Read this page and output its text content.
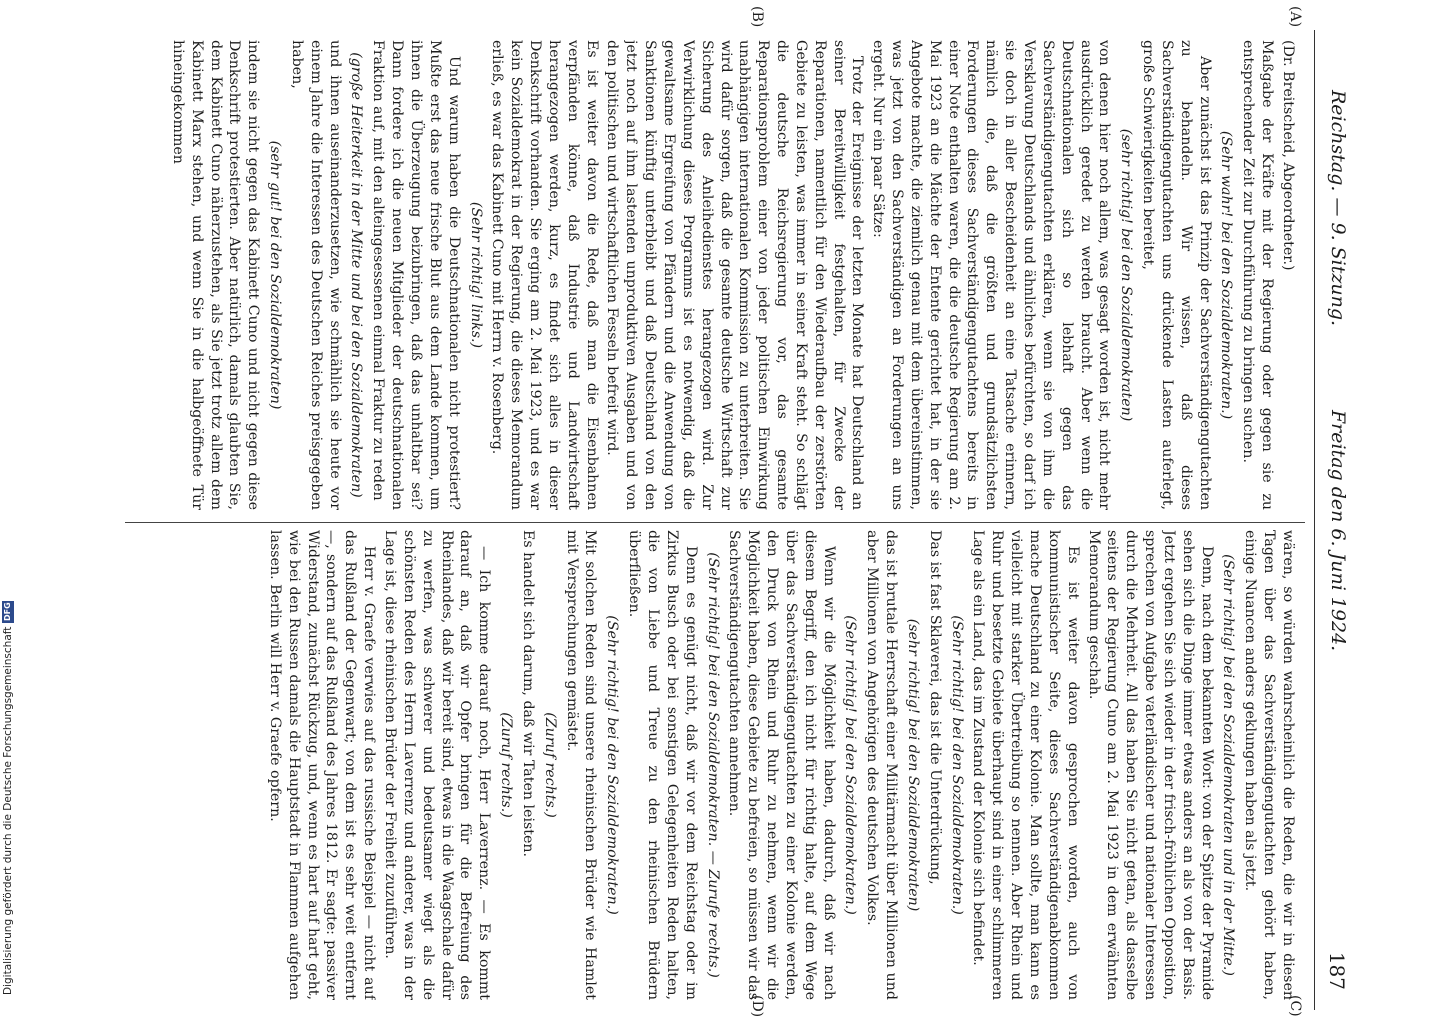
Reichstag. — 9. Sitzung.
Freitag den 6. Juni 1924.
187
(A)
(B)
(C)
(D)

(Dr. Breitscheid, Abgeordneter.)

Maßgabe der Kräfte mit der Regierung oder gegen sie zu entsprechender Zeit zur Durchführung zu bringen suchen.

(Sehr wahr! bei den Sozialdemokraten.)

Aber zunächst ist das Prinzip der Sachverständigengutachten zu behandeln. Wir wissen, daß dieses Sachverständigengutachten uns drückende Lasten auferlegt, große Schwierigkeiten bereitet,

(sehr richtig! bei den Sozialdemokraten)

von denen hier noch allem, was gesagt worden ist, nicht mehr ausdrücklich geredet zu werden braucht. Aber wenn die Deutschnationalen sich so lebhaft gegen das Sachverständigengutachten erklären, wenn sie von ihm die Versklavung Deutschlands und ähnliches befürchten, so darf ich sie doch in aller Bescheidenheit an eine Tatsache erinnern, nämlich die, daß die größten und grundsätzlichsten Forderungen dieses Sachverständigengutachtens bereits in einer Note enthalten waren, die die deutsche Regierung am 2. Mai 1923 an die Mächte der Entente gerichtet hat, in der sie Angebote machte, die ziemlich genau mit dem übereinstimmen, was jetzt von den Sachverständigen an Forderungen an uns ergeht. Nur ein paar Sätze:

Trotz der Ereignisse der letzten Monate hat Deutschland an seiner Bereitwilligkeit festgehalten, für Zwecke der Reparationen, namentlich für den Wiederaufbau der zerstörten Gebiete zu leisten, was immer in seiner Kraft steht. So schlägt die deutsche Reichsregierung vor, das gesamte Reparationsproblem einer von jeder politischen Einwirkung unabhängigen internationalen Kommission zu unterbreiten. Sie wird dafür sorgen, daß die gesamte deutsche Wirtschaft zur Sicherung des Anleihedienstes herangezogen wird. Zur Verwirklichung dieses Programms ist es notwendig, daß die gewaltsame Ergreifung von Pfändern und die Anwendung von Sanktionen künftig unterbleibt und daß Deutschland von den jetzt noch auf ihm lastenden unproduktiven Ausgaben und von den politischen und wirtschaftlichen Fesseln befreit wird.

Es ist weiter davon die Rede, daß man die Eisenbahnen verpfänden könne, daß Industrie und Landwirtschaft herangezogen werden, kurz, es findet sich alles in dieser Denkschrift vorhanden. Sie erging am 2. Mai 1923, und es war kein Sozialdemokrat in der Regierung, die dieses Memorandum erließ, es war das Kabinett Cuno mit Herrn v. Rosenberg.

(Sehr richtig! links.)

Und warum haben die Deutschnationalen nicht protestiert? Mußte erst das neue frische Blut aus dem Lande kommen, um ihnen die Überzeugung beizubringen, daß das unhaltbar sei? Dann fordere ich die neuen Mitglieder der deutschnationalen Fraktion auf, mit den alteingesessenen einmal Fraktur zu reden

(große Heiterkeit in der Mitte und bei den Sozialdemokraten)

und ihnen auseinanderzusetzen, wie schmählich sie heute vor einem Jahre die Interessen des Deutschen Reiches preisgegeben haben,

(sehr gut! bei den Sozialdemokraten)

indem sie nicht gegen das Kabinett Cuno und nicht gegen diese Denkschrift protestierten. Aber natürlich, damals glaubten Sie, dem Kabinett Cuno näherzustehen, als Sie jetzt trotz allem dem Kabinett Marx stehen, und wenn Sie in die halbgeöffnete Tür hineingekommen

wären, so würden wahrscheinlich die Reden, die wir in diesen Tagen über das Sachverständigengutachten gehört haben, einige Nuancen anders geklungen haben als jetzt.

(Sehr richtig! bei den Sozialdemokraten und in der Mitte.)

Denn, nach dem bekannten Wort: von der Spitze der Pyramide sehen sich die Dinge immer etwas anders an als von der Basis. Jetzt ergehen Sie sich wieder in der frisch-fröhlichen Opposition, sprechen von Aufgabe vaterländischer und nationaler Interessen durch die Mehrheit. All das haben Sie nicht getan, als dasselbe seitens der Regierung Cuno am 2. Mai 1923 in dem erwähnten Memorandum geschah.

Es ist weiter davon gesprochen worden, auch von kommunistischer Seite, dieses Sachverständigenabkommen mache Deutschland zu einer Kolonie. Man sollte, man kann es vielleicht mit starker Übertreibung so nennen. Aber Rhein und Ruhr und besetzte Gebiete überhaupt sind in einer schlimmeren Lage als ein Land, das im Zustand der Kolonie sich befindet.

(Sehr richtig! bei den Sozialdemokraten.)

Das ist fast Sklaverei, das ist die Unterdrückung,

(sehr richtig! bei den Sozialdemokraten)

das ist brutale Herrschaft einer Militärmacht über Millionen und aber Millionen von Angehörigen des deutschen Volkes.

(Sehr richtig! bei den Sozialdemokraten.)

Wenn wir die Möglichkeit haben, dadurch, daß wir nach diesem Begriff, den ich nicht für richtig halte, auf dem Wege über das Sachverständigengutachten zu einer Kolonie werden, den Druck von Rhein und Ruhr zu nehmen, wenn wir die Möglichkeit haben, diese Gebiete zu befreien, so müssen wir das Sachverständigengutachten annehmen.

(Sehr richtig! bei den Sozialdemokraten. — Zurufe rechts.)

Denn es genügt nicht, daß wir vor dem Reichstag oder im Zirkus Busch oder bei sonstigen Gelegenheiten Reden halten, die von Liebe und Treue zu den rheinischen Brüdern überfließen.

(Sehr richtig! bei den Sozialdemokraten.)

Mit solchen Reden sind unsere rheinischen Brüder wie Hamlet mit Versprechungen gemästet.

(Zuruf rechts.)

Es handelt sich darum, daß wir Taten leisten.

(Zuruf rechts.)

— Ich komme darauf noch, Herr Laverrenz. — Es kommt darauf an, daß wir Opfer bringen für die Befreiung des Rheinlandes, daß wir bereit sind, etwas in die Waagschale dafür zu werfen, was schwerer und bedeutsamer wiegt als die schönsten Reden des Herrn Laverrenz und anderer, was in der Lage ist, diese rheinischen Brüder der Freiheit zuzuführen.

Herr v. Graefe verwies auf das russische Beispiel — nicht auf das Rußland der Gegenwart; von dem ist es sehr weit entfernt —, sondern auf das Rußland des Jahres 1812. Er sagte: passiver Widerstand, zunächst Rückzug, und, wenn es hart auf hart geht, wie bei den Russen damals die Hauptstadt in Flammen aufgehen lassen. Berlin will Herr v. Graefe opfern.

Digitalisierung gefördert durch die Deutsche Forschungsgemeinschaft
DFG
